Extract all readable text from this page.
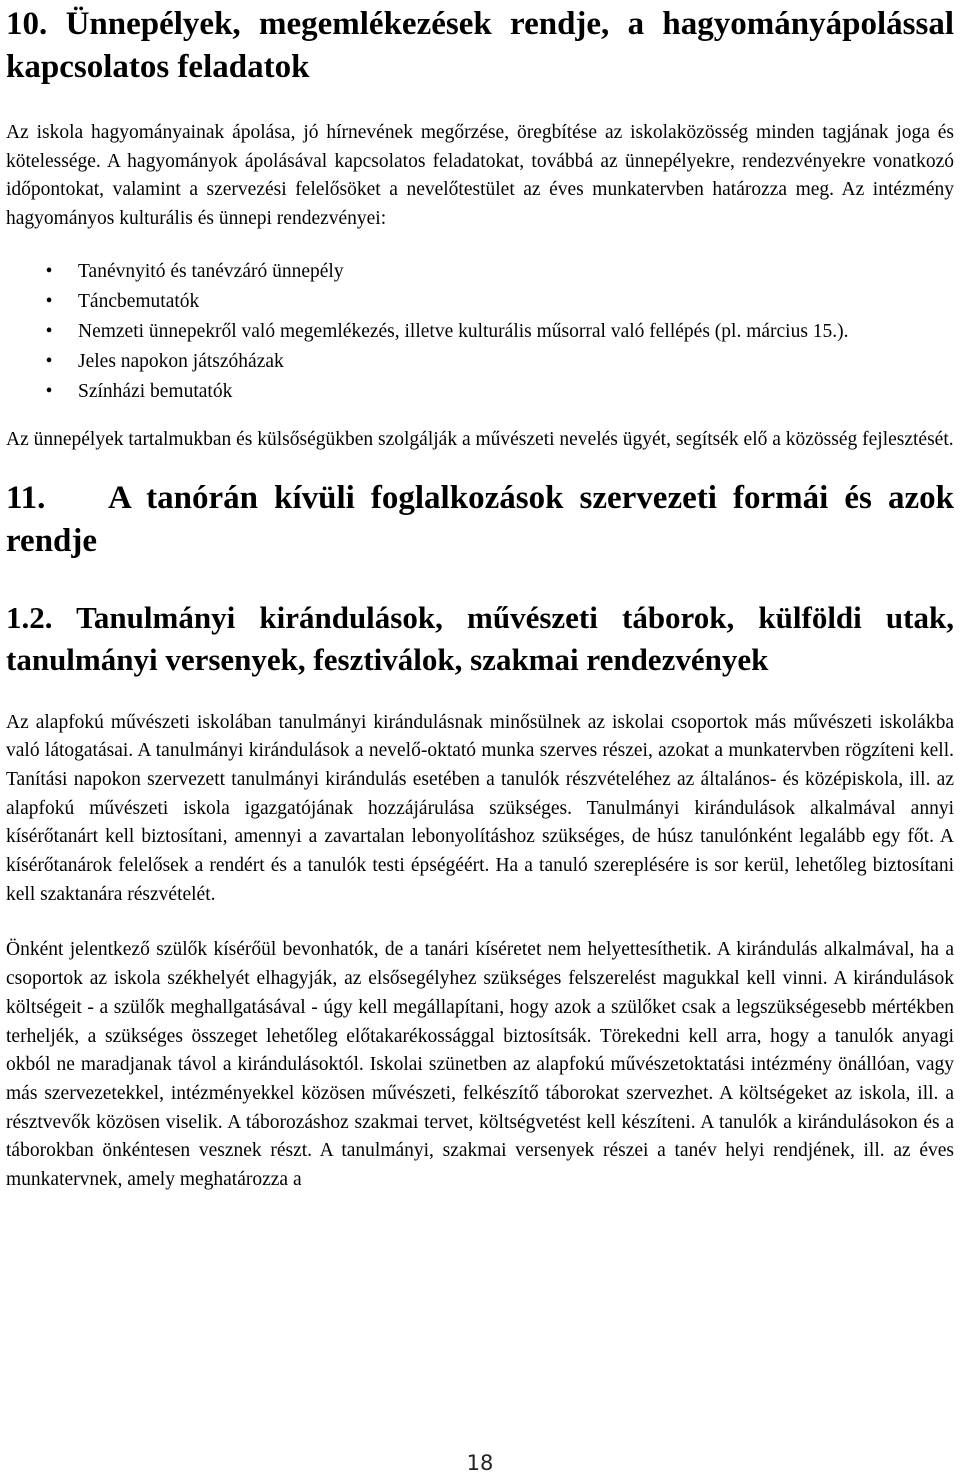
10. Ünnepélyek, megemlékezések rendje, a hagyományápolással kapcsolatos feladatok

Az iskola hagyományainak ápolása, jó hírnevének megőrzése, öregbítése az iskolaközösség minden tagjának joga és kötelessége. A hagyományok ápolásával kapcsolatos feladatokat, továbbá az ünnepélyekre, rendezvényekre vonatkozó időpontokat, valamint a szervezési felelősöket a nevelőtestület az éves munkatervben határozza meg. Az intézmény hagyományos kulturális és ünnepi rendezvényei:

• Tanévnyitó és tanévzáró ünnepély
• Táncbemutatók
• Nemzeti ünnepekről való megemlékezés, illetve kulturális műsorral való fellépés (pl. március 15.).
• Jeles napokon játszóházak
• Színházi bemutatók

Az ünnepélyek tartalmukban és külsőségükben szolgálják a művészeti nevelés ügyét, segítsék elő a közösség fejlesztését.

11. A tanórán kívüli foglalkozások szervezeti formái és azok rendje
1.2. Tanulmányi kirándulások, művészeti táborok, külföldi utak, tanulmányi versenyek, fesztiválok, szakmai rendezvények

Az alapfokú művészeti iskolában tanulmányi kirándulásnak minősülnek az iskolai csoportok más művészeti iskolákba való látogatásai. A tanulmányi kirándulások a nevelő-oktató munka szerves részei, azokat a munkatervben rögzíteni kell. Tanítási napokon szervezett tanulmányi kirándulás esetében a tanulók részvételéhez az általános- és középiskola, ill. az alapfokú művészeti iskola igazgatójának hozzájárulása szükséges. Tanulmányi kirándulások alkalmával annyi kísérőtanárt kell biztosítani, amennyi a zavartalan lebonyolításhoz szükséges, de húsz tanulónként legalább egy főt. A kísérőtanárok felelősek a rendért és a tanulók testi épségéért. Ha a tanuló szereplésére is sor kerül, lehetőleg biztosítani kell szaktanára részvételét.

Önként jelentkező szülők kísérőül bevonhatók, de a tanári kíséretet nem helyettesíthetik. A kirándulás alkalmával, ha a csoportok az iskola székhelyét elhagyják, az elsősegélyhez szükséges felszerelést magukkal kell vinni. A kirándulások költségeit - a szülők meghallgatásával - úgy kell megállapítani, hogy azok a szülőket csak a legszükségesebb mértékben terheljék, a szükséges összeget lehetőleg előtakarékossággal biztosítsák. Törekedni kell arra, hogy a tanulók anyagi okból ne maradjanak távol a kirándulásoktól. Iskolai szünetben az alapfokú művészetoktatási intézmény önállóan, vagy más szervezetekkel, intézményekkel közösen művészeti, felkészítő táborokat szervezhet. A költségeket az iskola, ill. a résztvevők közösen viselik. A táborozáshoz szakmai tervet, költségvetést kell készíteni. A tanulók a kirándulásokon és a táborokban önkéntesen vesznek részt. A tanulmányi, szakmai versenyek részei a tanév helyi rendjének, ill. az éves munkatervnek, amely meghatározza a

18
